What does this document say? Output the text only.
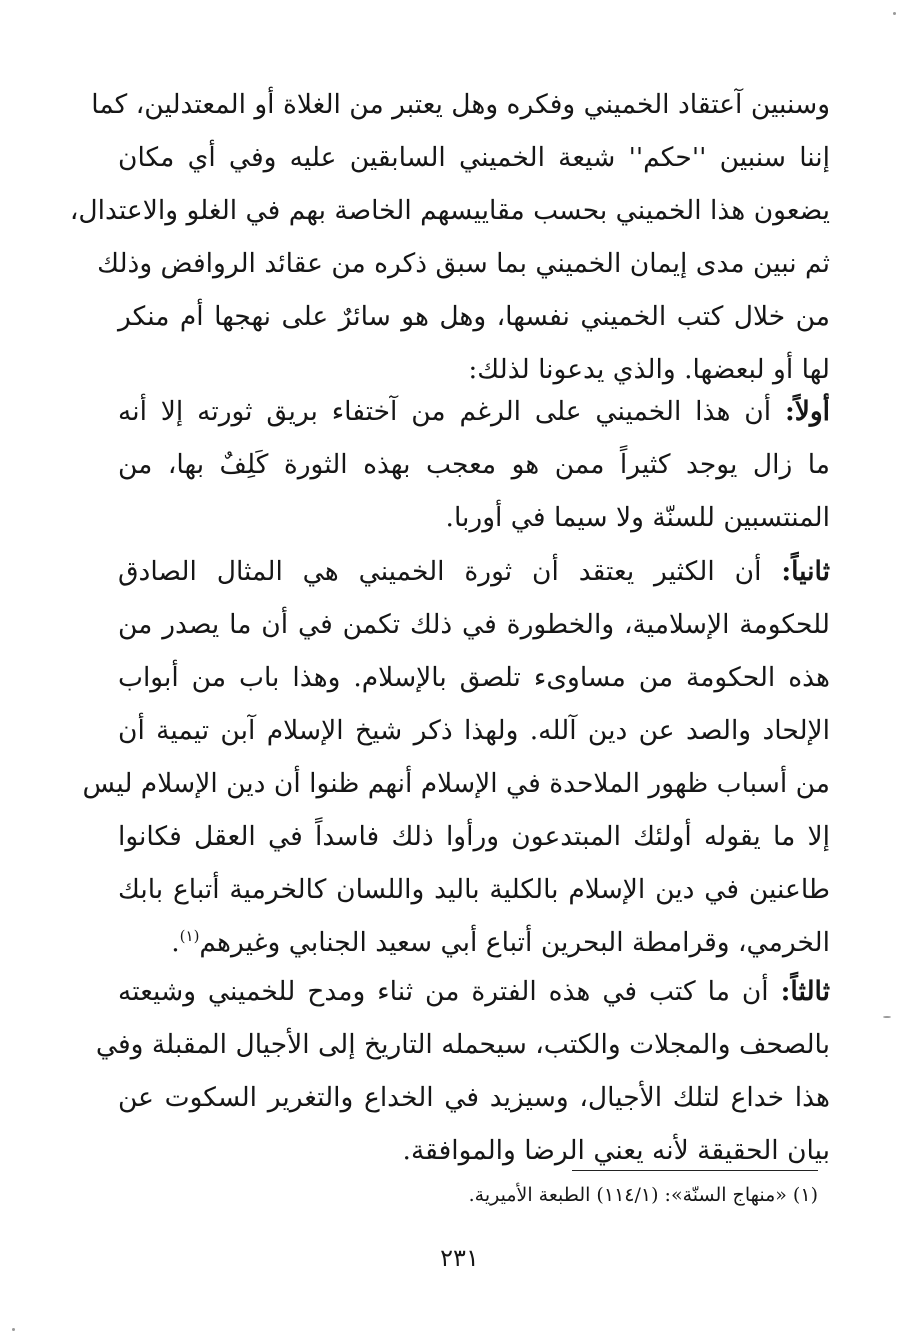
وسنبين آعتقاد الخميني وفكره وهل يعتبر من الغلاة أو المعتدلين، كما
إننا سنبين ''حكم'' شيعة الخميني السابقين عليه وفي أي مكان
يضعون هذا الخميني بحسب مقاييسهم الخاصة بهم في الغلو والاعتدال،
ثم نبين مدى إيمان الخميني بما سبق ذكره من عقائد الروافض وذلك
من خلال كتب الخميني نفسها، وهل هو سائرٌ على نهجها أم منكر
لها أو لبعضها. والذي يدعونا لذلك:
أولاً: أن هذا الخميني على الرغم من آختفاء بريق ثورته إلا أنه
ما زال يوجد كثيراً ممن هو معجب بهذه الثورة كَلِفٌ بها، من
المنتسبين للسنّة ولا سيما في أوربا.
ثانياً: أن الكثير يعتقد أن ثورة الخميني هي المثال الصادق
للحكومة الإسلامية، والخطورة في ذلك تكمن في أن ما يصدر من
هذه الحكومة من مساوىء تلصق بالإسلام. وهذا باب من أبواب
الإلحاد والصد عن دين آلله. ولهذا ذكر شيخ الإسلام آبن تيمية أن
من أسباب ظهور الملاحدة في الإسلام أنهم ظنوا أن دين الإسلام ليس
إلا ما يقوله أولئك المبتدعون ورأوا ذلك فاسداً في العقل فكانوا
طاعنين في دين الإسلام بالكلية باليد واللسان كالخرمية أتباع بابك
الخرمي، وقرامطة البحرين أتباع أبي سعيد الجنابي وغيرهم$^{(١)}$.
ثالثاً: أن ما كتب في هذه الفترة من ثناء ومدح للخميني وشيعته
بالصحف والمجلات والكتب، سيحمله التاريخ إلى الأجيال المقبلة وفي
هذا خداع لتلك الأجيال، وسيزيد في الخداع والتغرير السكوت عن
بيان الحقيقة لأنه يعني الرضا والموافقة.
(١) «منهاج السنّة»: (١١٤/١) الطبعة الأميرية.
٢٣١
